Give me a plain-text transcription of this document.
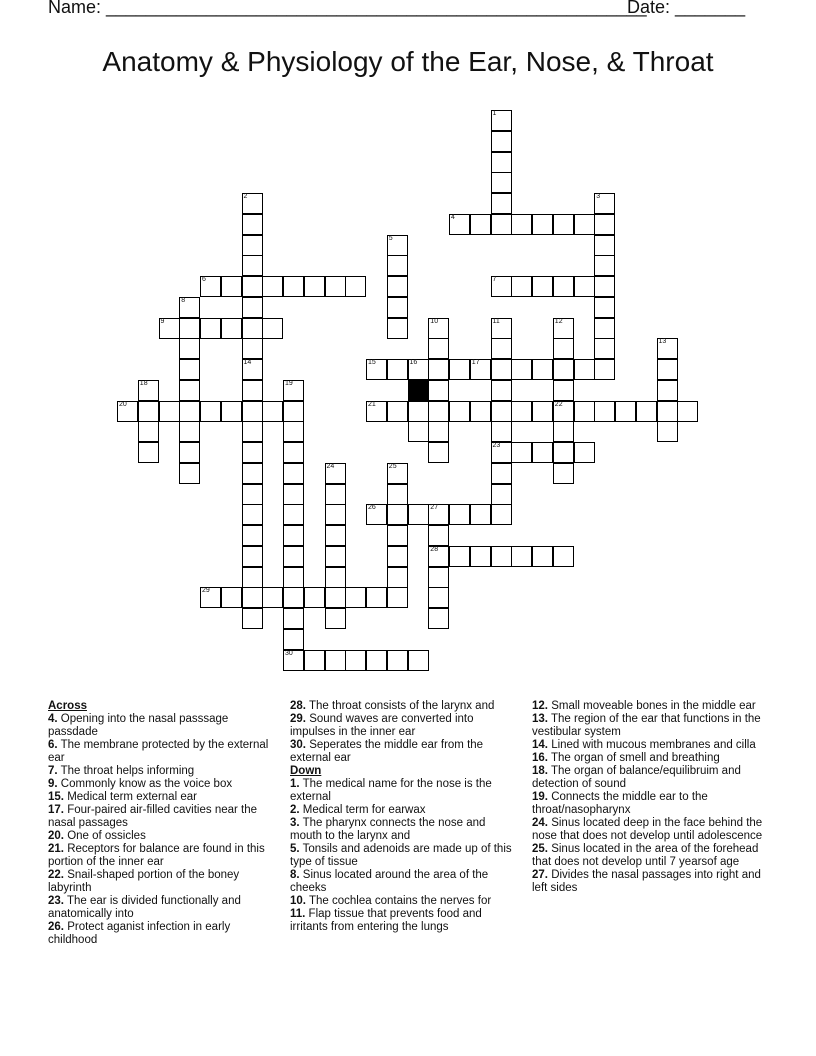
Name: ______________________________________________________
Date: _______
Anatomy & Physiology of the Ear, Nose, & Throat
1
2
14
3
4
5
6	7
8
9	10	11
23
12
22
13
15	16	17
18	19
30
20	21
24	25
26	27
28
29
Across

4. Opening into the nasal passsage passdade

6. The membrane protected by the external ear

7. The throat helps informing

9. Commonly know as the voice box

15. Medical term external ear

17. Four-paired air-filled cavities near the nasal passages

20. One of ossicles

21. Receptors for balance are found in this portion of the inner ear

22. Snail-shaped portion of the boney labyrinth

23. The ear is divided functionally and anatomically into

26. Protect aganist infection in early childhood

28. The throat consists of the larynx and

29. Sound waves are converted into impulses in the inner ear

30. Seperates the middle ear from the external ear

Down

1. The medical name for the nose is the external

2. Medical term for earwax

3. The pharynx connects the nose and mouth to the larynx and

5. Tonsils and adenoids are made up of this type of tissue

8. Sinus located around the area of the cheeks

10. The cochlea contains the nerves for

11. Flap tissue that prevents food and irritants from entering the lungs

12. Small moveable bones in the middle ear

13. The region of the ear that functions in the vestibular system

14. Lined with mucous membranes and cilla

16. The organ of smell and breathing

18. The organ of balance/equilibruim and detection of sound

19. Connects the middle ear to the throat/nasopharynx

24. Sinus located deep in the face behind the nose that does not develop until adolescence

25. Sinus located in the area of the forehead that does not develop until 7 yearsof age

27. Divides the nasal passages into right and left sides
